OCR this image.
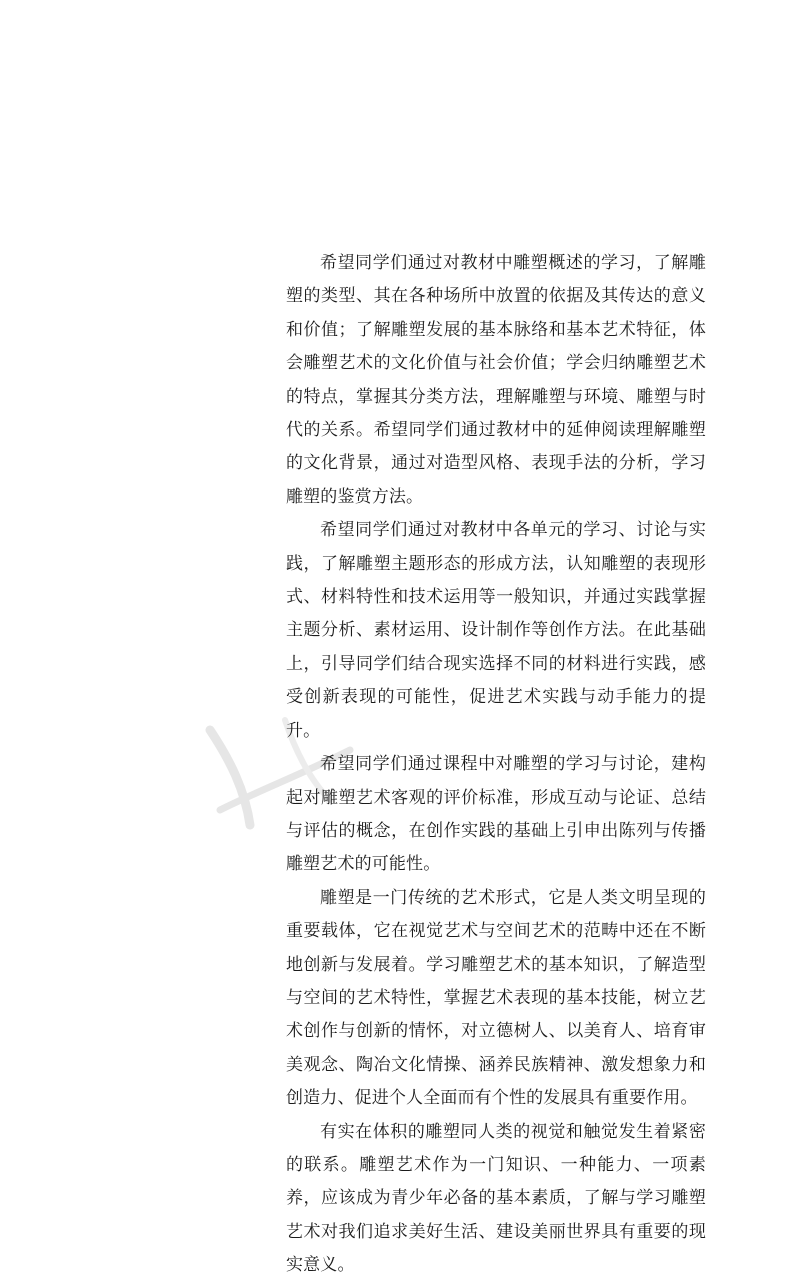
希望同学们通过对教材中雕塑概述的学习，了解雕塑的类型、其在各种场所中放置的依据及其传达的意义和价值；了解雕塑发展的基本脉络和基本艺术特征，体会雕塑艺术的文化价值与社会价值；学会归纳雕塑艺术的特点，掌握其分类方法，理解雕塑与环境、雕塑与时代的关系。希望同学们通过教材中的延伸阅读理解雕塑的文化背景，通过对造型风格、表现手法的分析，学习雕塑的鉴赏方法。

希望同学们通过对教材中各单元的学习、讨论与实践，了解雕塑主题形态的形成方法，认知雕塑的表现形式、材料特性和技术运用等一般知识，并通过实践掌握主题分析、素材运用、设计制作等创作方法。在此基础上，引导同学们结合现实选择不同的材料进行实践，感受创新表现的可能性，促进艺术实践与动手能力的提升。

希望同学们通过课程中对雕塑的学习与讨论，建构起对雕塑艺术客观的评价标准，形成互动与论证、总结与评估的概念，在创作实践的基础上引申出陈列与传播雕塑艺术的可能性。

雕塑是一门传统的艺术形式，它是人类文明呈现的重要载体，它在视觉艺术与空间艺术的范畴中还在不断地创新与发展着。学习雕塑艺术的基本知识，了解造型与空间的艺术特性，掌握艺术表现的基本技能，树立艺术创作与创新的情怀，对立德树人、以美育人、培育审美观念、陶冶文化情操、涵养民族精神、激发想象力和创造力、促进个人全面而有个性的发展具有重要作用。

有实在体积的雕塑同人类的视觉和触觉发生着紧密的联系。雕塑艺术作为一门知识、一种能力、一项素养，应该成为青少年必备的基本素质，了解与学习雕塑艺术对我们追求美好生活、建设美丽世界具有重要的现实意义。
